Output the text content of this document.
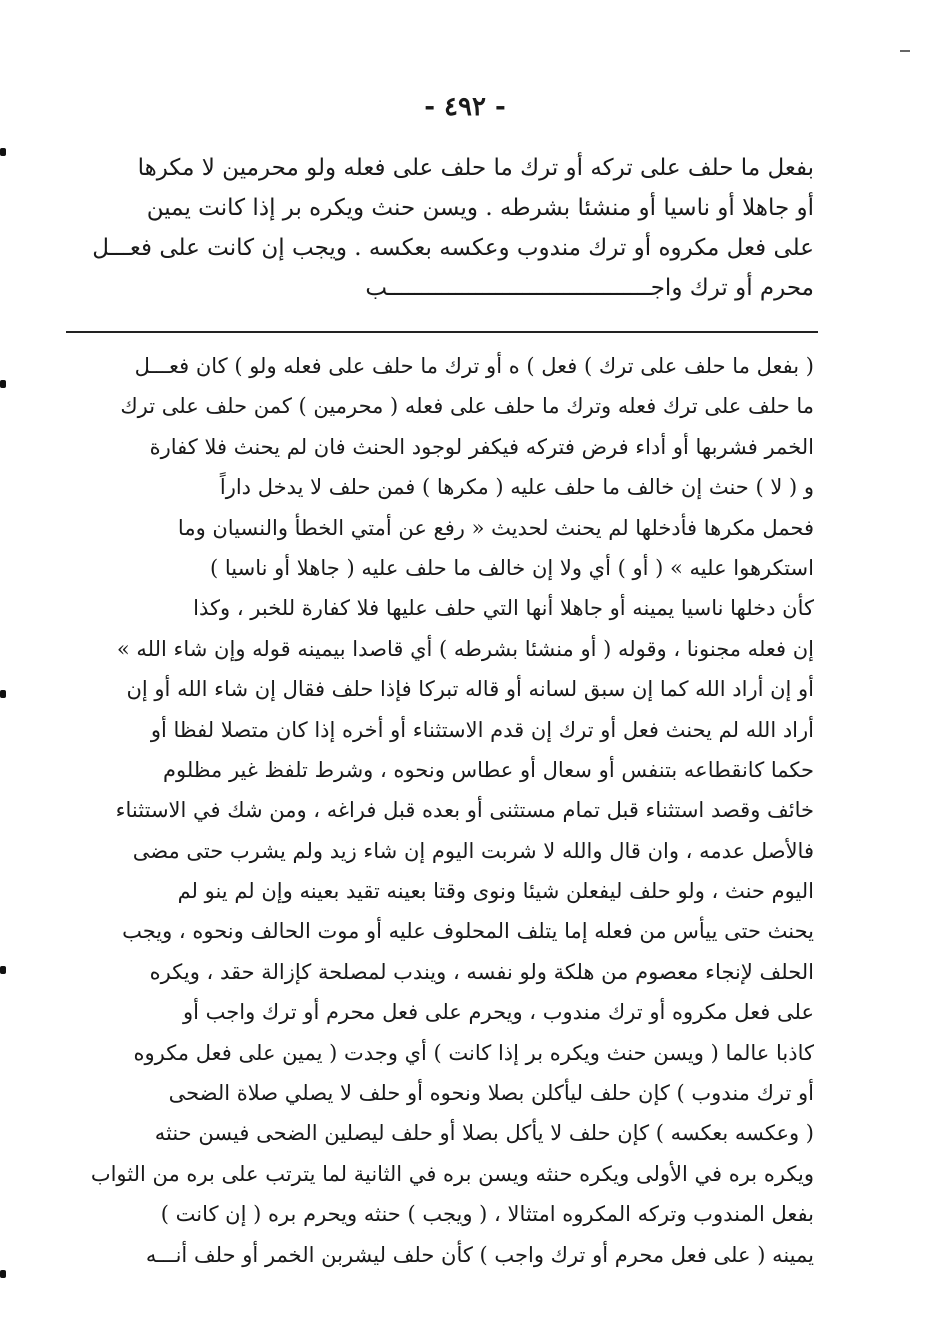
- ٤٩٢ -
بفعل ما حلف على تركه أو ترك ما حلف على فعله ولو محرمين لا مكرها
أو جاهلا أو ناسيا أو منشئا بشرطه . ويسن حنث ويكره بر إذا كانت يمين
على فعل مكروه أو ترك مندوب وعكسه بعكسه . ويجب إن كانت على فعـــل
محرم أو ترك واجـــــــــــــــــــــــــــــــــــــــب
( بفعل ما حلف على ترك ) فعل ) ه أو ترك ما حلف على فعله ولو ) كان فعـــل
ما حلف على ترك فعله وترك ما حلف على فعله ( محرمين ) كمن حلف على ترك
الخمر فشربها أو أداء فرض فتركه فيكفر لوجود الحنث فان لم يحنث فلا كفارة
و ( لا ) حنث إن خالف ما حلف عليه ( مكرها ) فمن حلف لا يدخل داراً
فحمل مكرها فأدخلها لم يحنث لحديث « رفع عن أمتي الخطأ والنسيان وما
استكرهوا عليه » ( أو ) أي ولا إن خالف ما حلف عليه ( جاهلا أو ناسيا )
كأن دخلها ناسيا يمينه أو جاهلا أنها التي حلف عليها فلا كفارة للخبر ، وكذا
إن فعله مجنونا ، وقوله ( أو منشئا بشرطه ) أي قاصدا بيمينه قوله وإن شاء الله »
أو إن أراد الله كما إن سبق لسانه أو قاله تبركا فإذا حلف فقال إن شاء الله أو إن
أراد الله لم يحنث فعل أو ترك إن قدم الاستثناء أو أخره إذا كان متصلا لفظا أو
حكما كانقطاعه بتنفس أو سعال أو عطاس ونحوه ، وشرط تلفظ غير مظلوم
خائف وقصد استثناء قبل تمام مستثنى أو بعده قبل فراغه ، ومن شك في الاستثناء
فالأصل عدمه ، وان قال والله لا شربت اليوم إن شاء زيد ولم يشرب حتى مضى
اليوم حنث ، ولو حلف ليفعلن شيئا ونوى وقتا بعينه تقيد بعينه وإن لم ينو لم
يحنث حتى ييأس من فعله إما يتلف المحلوف عليه أو موت الحالف ونحوه ، ويجب
الحلف لإنجاء معصوم من هلكة ولو نفسه ، ويندب لمصلحة كإزالة حقد ، ويكره
على فعل مكروه أو ترك مندوب ، ويحرم على فعل محرم أو ترك واجب أو
كاذبا عالما ( ويسن حنث ويكره بر إذا كانت ) أي وجدت ( يمين على فعل مكروه
أو ترك مندوب ) كإن حلف ليأكلن بصلا ونحوه أو حلف لا يصلي صلاة الضحى
( وعكسه بعكسه ) كإن حلف لا يأكل بصلا أو حلف ليصلين الضحى فيسن حنثه
ويكره بره في الأولى ويكره حنثه ويسن بره في الثانية لما يترتب على بره من الثواب
بفعل المندوب وتركه المكروه امتثالا ، ( ويجب ) حنثه ويحرم بره ( إن كانت )
يمينه ( على فعل محرم أو ترك واجب ) كأن حلف ليشربن الخمر أو حلف أنـــه
